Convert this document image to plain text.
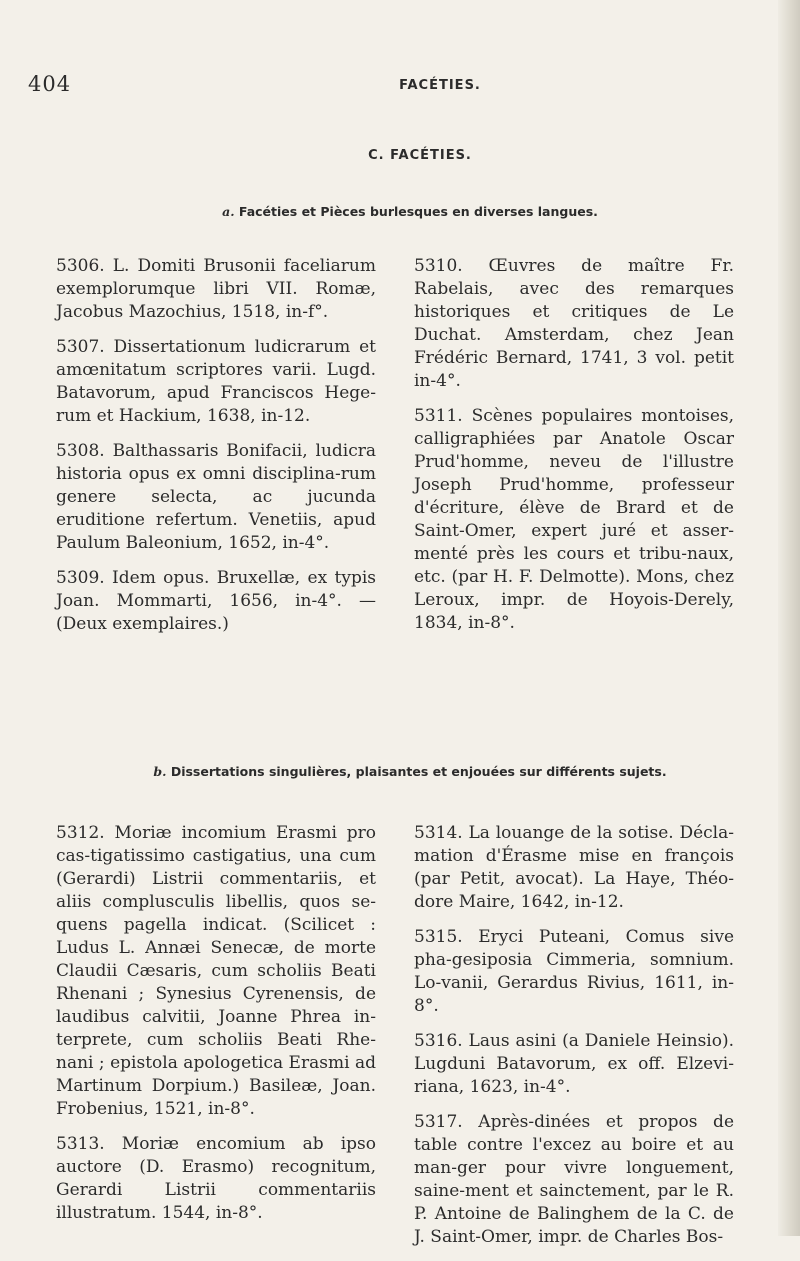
404	FACÉTIES.
C. FACÉTIES.
a. Facéties et Pièces burlesques en diverses langues.

5306. L. Domiti Brusonii faceliarum exemplorumque libri VII. Romæ, Jacobus Mazochius, 1518, in-f°.

5307. Dissertationum ludicrarum et amœnitatum scriptores varii. Lugd. Batavorum, apud Franciscos Hege-rum et Hackium, 1638, in-12.

5308. Balthassaris Bonifacii, ludicra historia opus ex omni disciplina-rum genere selecta, ac jucunda eruditione refertum. Venetiis, apud Paulum Baleonium, 1652, in-4°.

5309. Idem opus. Bruxellæ, ex typis Joan. Mommarti, 1656, in-4°. — (Deux exemplaires.)

5310. Œuvres de maître Fr. Rabelais, avec des remarques historiques et critiques de Le Duchat. Amsterdam, chez Jean Frédéric Bernard, 1741, 3 vol. petit in-4°.

5311. Scènes populaires montoises, calligraphiées par Anatole Oscar Prud'homme, neveu de l'illustre Joseph Prud'homme, professeur d'écriture, élève de Brard et de Saint-Omer, expert juré et asser-menté près les cours et tribu-naux, etc. (par H. F. Delmotte). Mons, chez Leroux, impr. de Hoyois-Derely, 1834, in-8°.

b. Dissertations singulières, plaisantes et enjouées sur différents sujets.

5312. Moriæ incomium Erasmi pro cas-tigatissimo castigatius, una cum (Gerardi) Listrii commentariis, et aliis complusculis libellis, quos se-quens pagella indicat. (Scilicet : Ludus L. Annæi Senecæ, de morte Claudii Cæsaris, cum scholiis Beati Rhenani ; Synesius Cyrenensis, de laudibus calvitii, Joanne Phrea in-terprete, cum scholiis Beati Rhe-nani ; epistola apologetica Erasmi ad Martinum Dorpium.) Basileæ, Joan. Frobenius, 1521, in-8°.

5313. Moriæ encomium ab ipso auctore (D. Erasmo) recognitum, Gerardi Listrii commentariis illustratum. 1544, in-8°.

5314. La louange de la sotise. Décla-mation d'Érasme mise en françois (par Petit, avocat). La Haye, Théo-dore Maire, 1642, in-12.

5315. Eryci Puteani, Comus sive pha-gesiposia Cimmeria, somnium. Lo-vanii, Gerardus Rivius, 1611, in-8°.

5316. Laus asini (a Daniele Heinsio). Lugduni Batavorum, ex off. Elzevi-riana, 1623, in-4°.

5317. Après-dinées et propos de table contre l'excez au boire et au man-ger pour vivre longuement, saine-ment et sainctement, par le R. P. Antoine de Balinghem de la C. de J. Saint-Omer, impr. de Charles Bos-
